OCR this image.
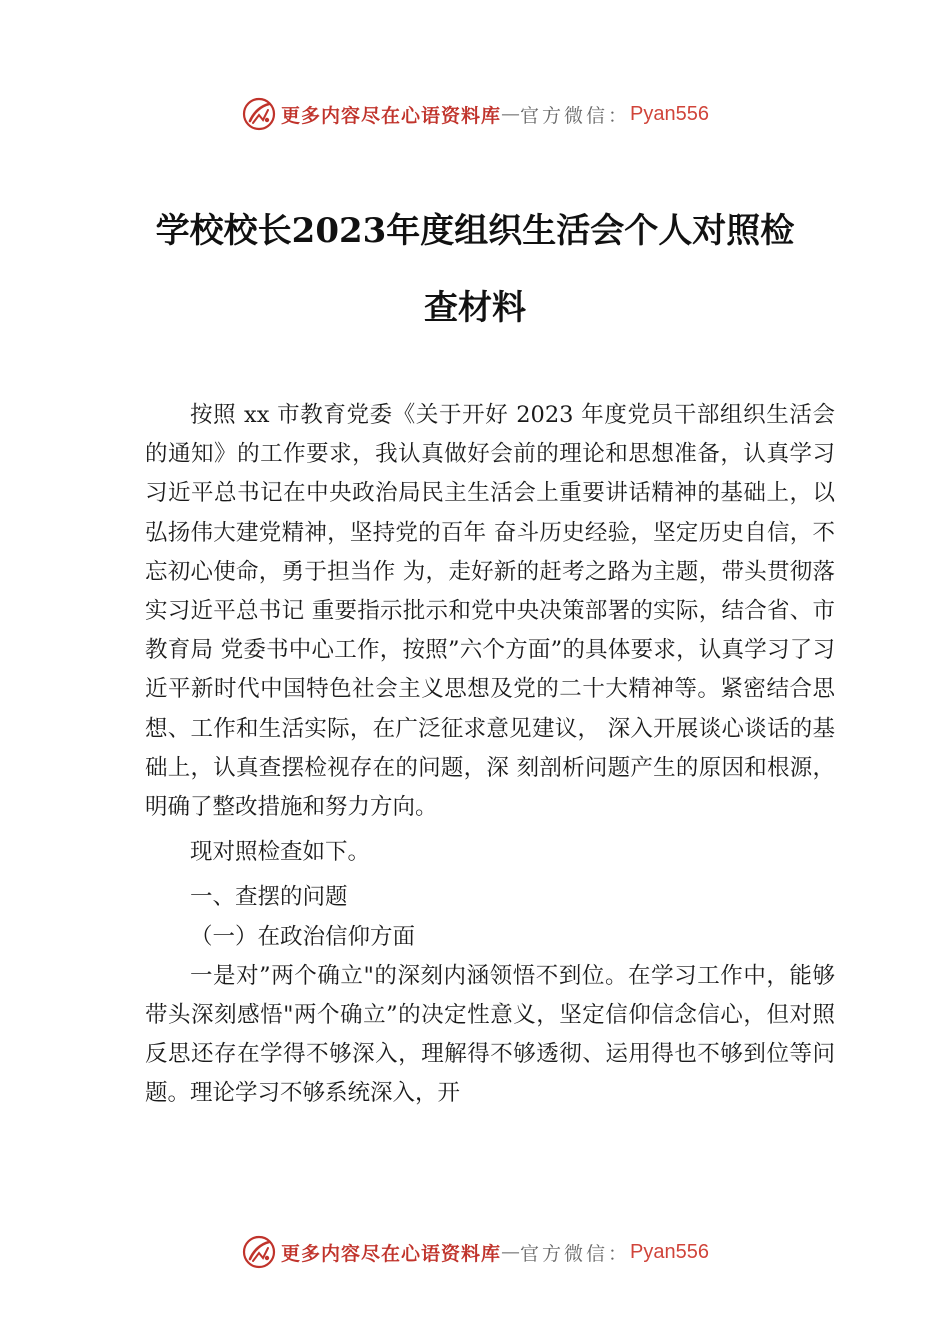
更多内容尽在心语资料库 — 官方微信： Pyan556
学校校长2023年度组织生活会个人对照检
查材料

按照 xx 市教育党委《关于开好 2023 年度党员干部组织生活会的通知》的工作要求，我认真做好会前的理论和思想准备，认真学习习近平总书记在中央政治局民主生活会上重要讲话精神的基础上，以弘扬伟大建党精神，坚持党的百年 奋斗历史经验，坚定历史自信，不忘初心使命，勇于担当作 为，走好新的赶考之路为主题，带头贯彻落实习近平总书记 重要指示批示和党中央决策部署的实际，结合省、市教育局 党委书中心工作，按照”六个方面”的具体要求，认真学习了习近平新时代中国特色社会主义思想及党的二十大精神等。紧密结合思想、工作和生活实际，在广泛征求意见建议， 深入开展谈心谈话的基础上，认真查摆检视存在的问题，深 刻剖析问题产生的原因和根源，明确了整改措施和努力方向。

现对照检查如下。

一、查摆的问题

（一）在政治信仰方面

一是对”两个确立"的深刻内涵领悟不到位。在学习工作中，能够带头深刻感悟"两个确立”的决定性意义，坚定信仰信念信心，但对照反思还存在学得不够深入，理解得不够透彻、运用得也不够到位等问题。理论学习不够系统深入，开

更多内容尽在心语资料库 — 官方微信： Pyan556
